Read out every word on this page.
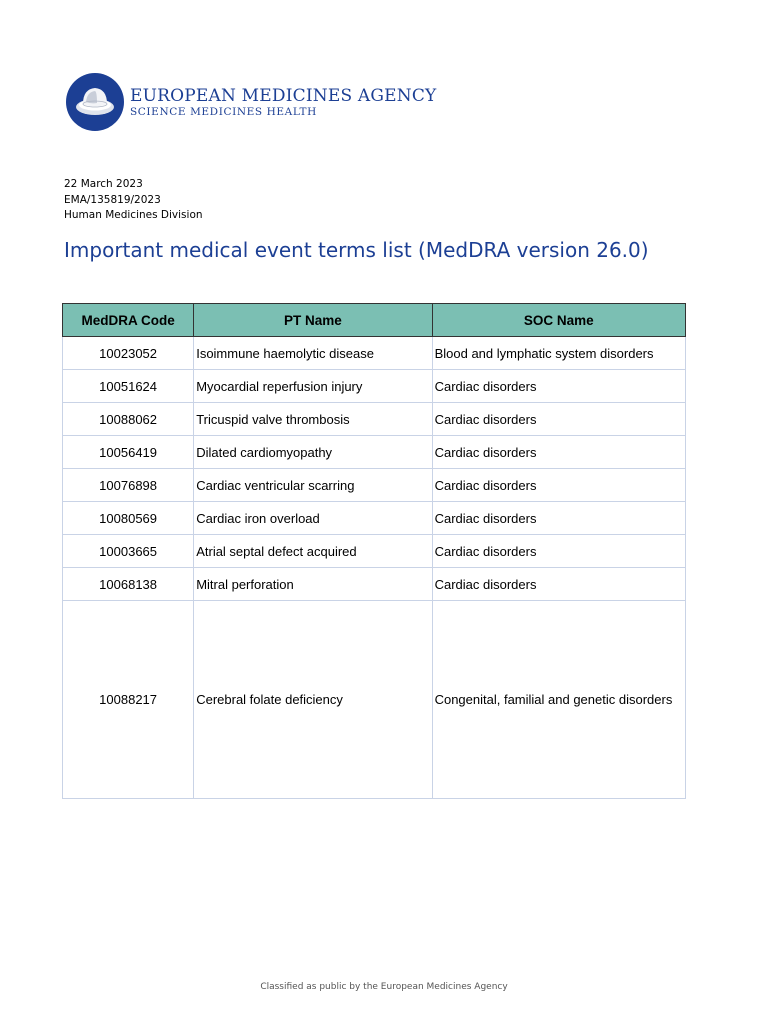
EUROPEAN MEDICINES AGENCY
SCIENCE MEDICINES HEALTH
22 March 2023
EMA/135819/2023
Human Medicines Division
Important medical event terms list (MedDRA version 26.0)
MedDRA Code	PT Name	SOC Name
10023052	Isoimmune haemolytic disease	Blood and lymphatic system disorders
10051624	Myocardial reperfusion injury	Cardiac disorders
10088062	Tricuspid valve thrombosis	Cardiac disorders
10056419	Dilated cardiomyopathy	Cardiac disorders
10076898	Cardiac ventricular scarring	Cardiac disorders
10080569	Cardiac iron overload	Cardiac disorders
10003665	Atrial septal defect acquired	Cardiac disorders
10068138	Mitral perforation	Cardiac disorders
10088217	Cerebral folate deficiency	Congenital, familial and genetic disorders
Classified as public by the European Medicines Agency
